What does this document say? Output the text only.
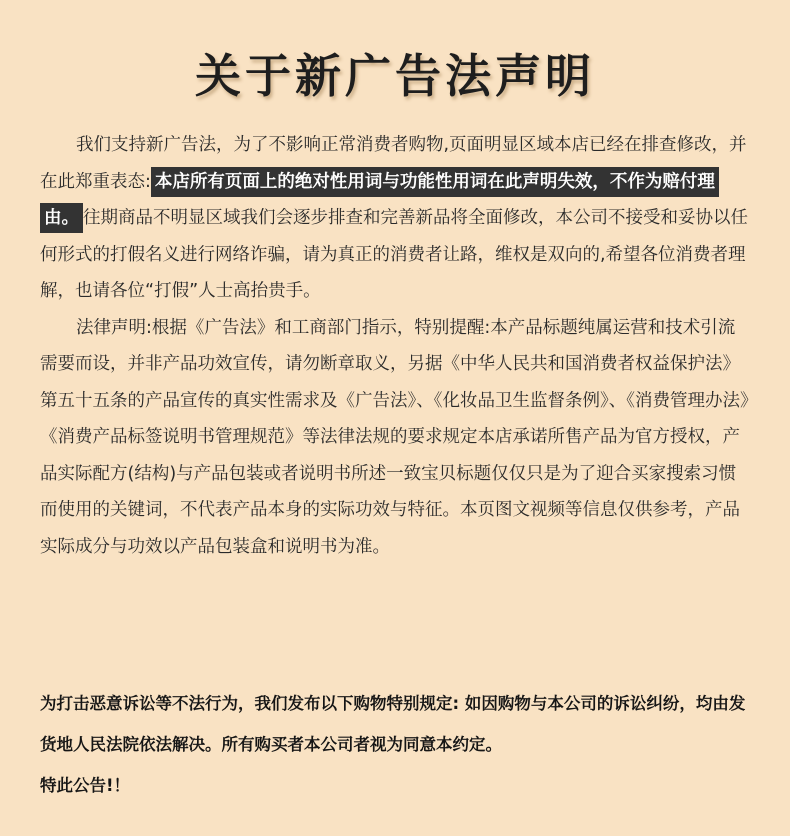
关于新广告法声明

我们支持新广告法，为了不影响正常消费者购物,页面明显区域本店已经在排查修改，并在此郑重表态: 本店所有页面上的绝对性用词与功能性用词在此声明失效，不作为赔付理由。 往期商品不明显区域我们会逐步排查和完善新品将全面修改，本公司不接受和妥协以任何形式的打假名义进行网络诈骗，请为真正的消费者让路，维权是双向的,希望各位消费者理解，也请各位“打假”人士高抬贵手。

法律声明:根据《广告法》和工商部门指示，特别提醒:本产品标题纯属运营和技术引流需要而设，并非产品功效宣传，请勿断章取义，另据《中华人民共和国消费者权益保护法》第五十五条的产品宣传的真实性需求及《广告法》、《化妆品卫生监督条例》、《消费管理办法》《消费产品标签说明书管理规范》等法律法规的要求规定本店承诺所售产品为官方授权，产品实际配方(结构)与产品包装或者说明书所述一致宝贝标题仅仅只是为了迎合买家搜索习惯而使用的关键词，不代表产品本身的实际功效与特征。本页图文视频等信息仅供参考，产品实际成分与功效以产品包装盒和说明书为准。

为打击恶意诉讼等不法行为，我们发布以下购物特别规定: 如因购物与本公司的诉讼纠纷，均由发货地人民法院依法解决。所有购买者本公司者视为同意本约定。

特此公告!！
